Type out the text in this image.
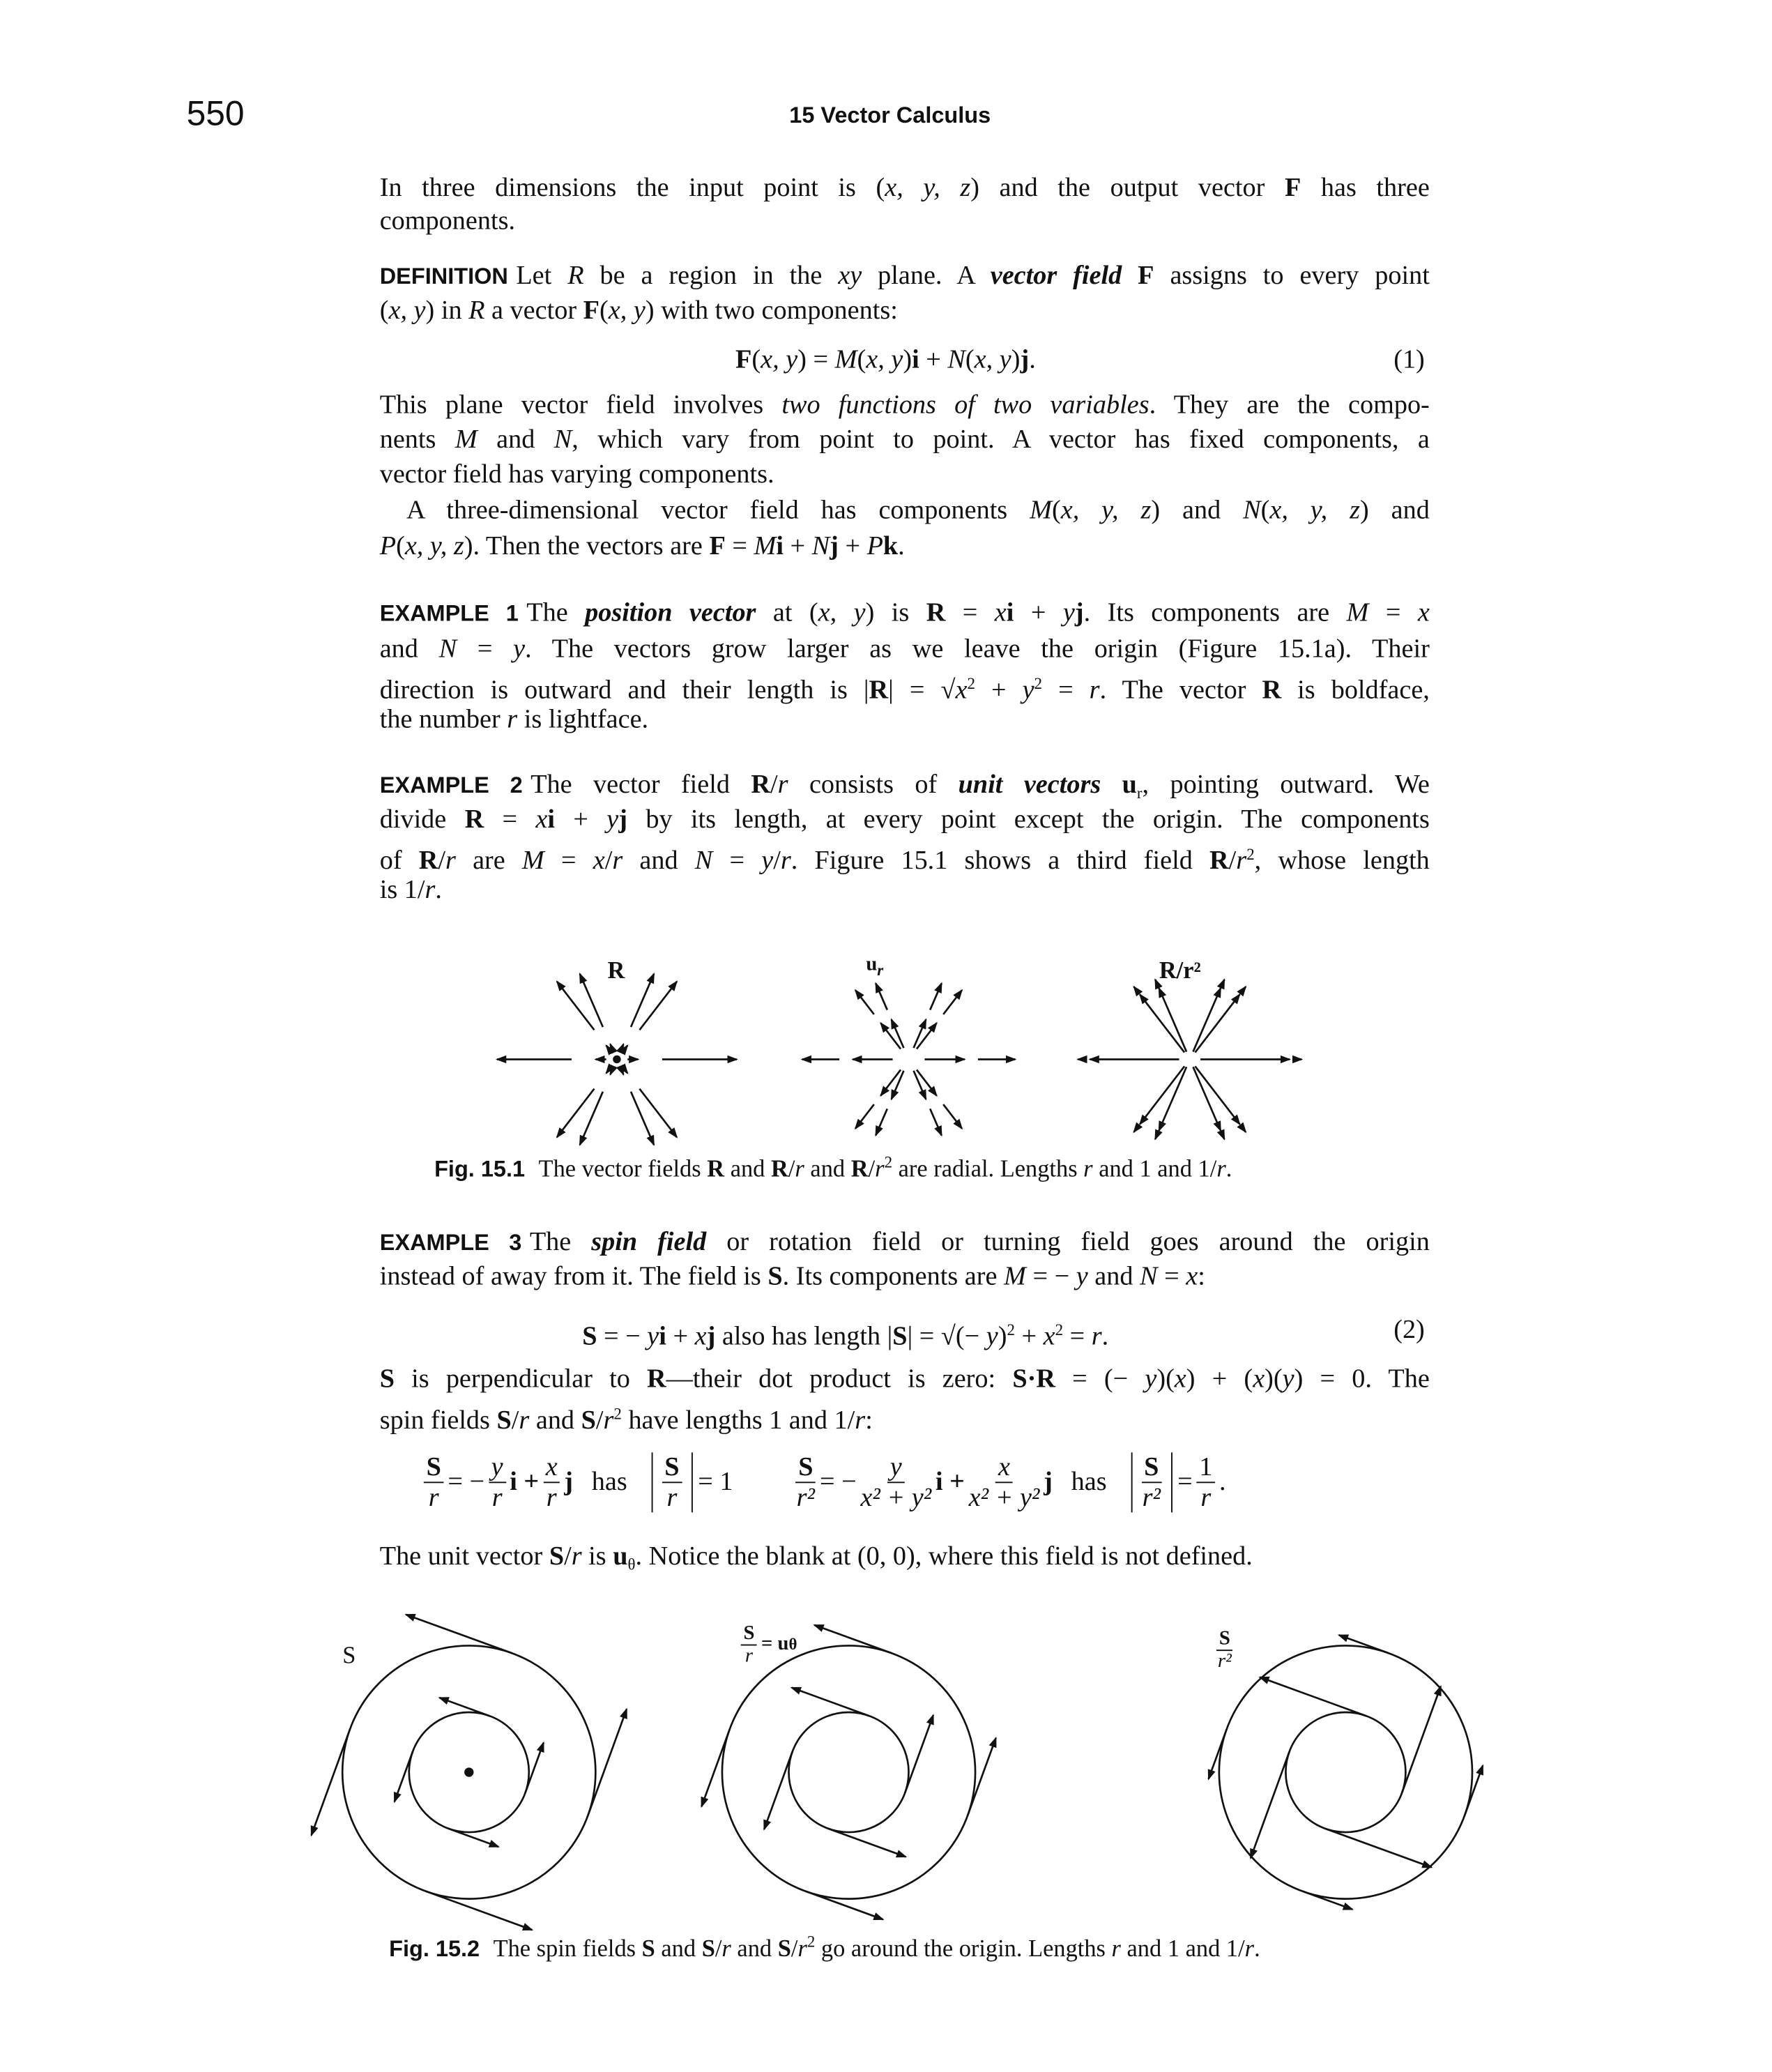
550	15 Vector Calculus
In three dimensions the input point is (x, y, z) and the output vector F has three
components.
DEFINITION Let R be a region in the xy plane. A vector field F assigns to every point
(x, y) in R a vector F(x, y) with two components:
F(x, y) = M(x, y)i + N(x, y)j.	(1)
This plane vector field involves two functions of two variables. They are the compo-
nents M and N, which vary from point to point. A vector has fixed components, a
vector field has varying components.
A three-dimensional vector field has components M(x, y, z) and N(x, y, z) and
P(x, y, z). Then the vectors are F = Mi + Nj + Pk.
EXAMPLE 1 The position vector at (x, y) is R = xi + yj. Its components are M = x
and N = y. The vectors grow larger as we leave the origin (Figure 15.1a). Their
direction is outward and their length is $|R| = √x^2 + y^2 = r$. The vector R is boldface,
the number r is lightface.
EXAMPLE 2 The vector field R/r consists of unit vectors $u_r$, pointing outward. We
divide R = xi + yj by its length, at every point except the origin. The components
of R/r are M = x/r and N = y/r. Figure 15.1 shows a third field $R/r^2$, whose length
is 1/r.
R	$u_r$	R/r²
Fig. 15.1 The vector fields R and R/r and $R/r^2$ are radial. Lengths r and 1 and 1/r.
EXAMPLE 3 The spin field or rotation field or turning field goes around the origin
instead of away from it. The field is S. Its components are M = − y and N = x:
S = − yi + xj also has length |S| = √(− $y)^2 + x^2 = r$.	(2)
S is perpendicular to R—their dot product is zero: S·R = (− y)(x) + (x)(y) = 0. The
spin fields S/r and $S/r^2$ have lengths 1 and 1/r:
$\frac{S}{r}$ = − $\frac{y}{r}$ $i + \frac{x}{r}$ j has $\frac{S}{r} = 1$	$\frac{S}{\text{r²}}$ = − $\frac{y}{\text{x² + y²}}$ $i + \frac{x}{\text{x² + y²}}$ j has $\frac{S}{\text{r²}} = \frac{1}{r}$ .
The unit vector S/r is $u_\theta$. Notice the blank at (0, 0), where this field is not defined.
S	$\frac{S}{r} = u$ θ	$\frac{S}{\text{r²}}$
Fig. 15.2 The spin fields S and S/r and $S/r^2$ go around the origin. Lengths r and 1 and 1/r.
